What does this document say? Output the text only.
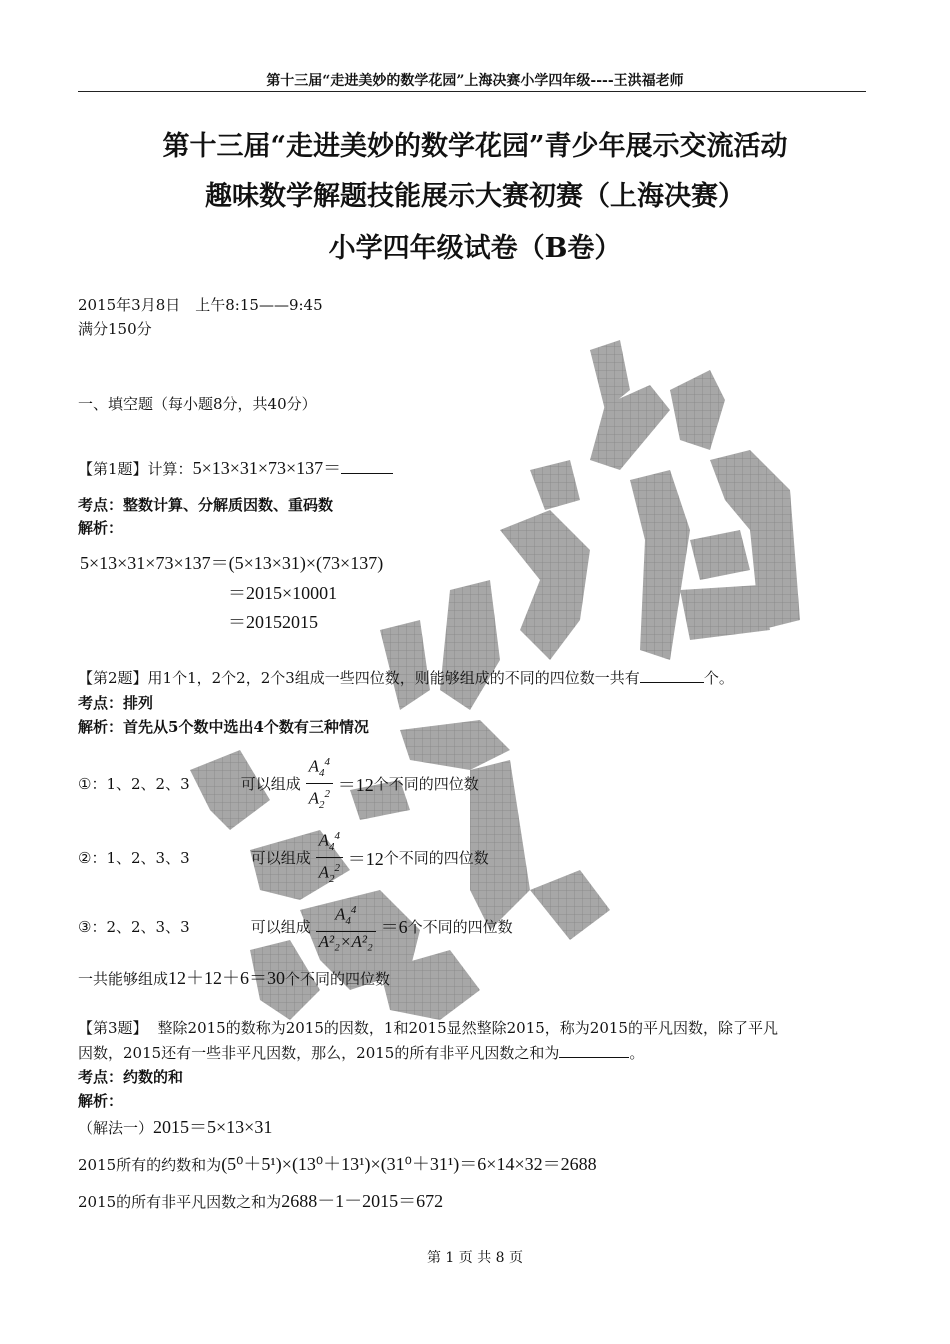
第十三届“走进美妙的数学花园”上海决赛小学四年级----王洪福老师
第十三届“走进美妙的数学花园”青少年展示交流活动
趣味数学解题技能展示大赛初赛（上海决赛）
小学四年级试卷（B卷）
2015年3月8日　上午8:15——9:45
满分150分
一、填空题（每小题8分，共40分）
【第1题】计算：5×13×31×73×137＝
考点：整数计算、分解质因数、重码数
解析：
5×13×31×73×137＝(5×13×31)×(73×137)
＝2015×10001
＝20152015
【第2题】用1个1，2个2，2个3组成一些四位数，则能够组成的不同的四位数一共有	个。
考点：排列
解析：首先从5个数中选出4个数有三种情况
①：1、2、2、3	可以组成 $\frac{A_4^4}{A_2^2} =12$个不同的四位数
②：1、2、3、3	可以组成 $\frac{A_4^4}{A_2^2} =12$个不同的四位数
③：2、2、3、3	可以组成 $\frac{A_4^4}{\text{A²₂×A²₂}} =6$个不同的四位数
一共能够组成12＋12＋6＝30个不同的四位数
【第3题】 整除2015的数称为2015的因数，1和2015显然整除2015，称为2015的平凡因数，除了平凡
因数，2015还有一些非平凡因数，那么，2015的所有非平凡因数之和为	。
考点：约数的和
解析：
（解法一）2015＝5×13×31
2015所有的约数和为(5⁰＋5¹)×(13⁰＋13¹)×(31⁰＋31¹)＝6×14×32＝2688
2015的所有非平凡因数之和为2688－1－2015＝672
第 1 页 共 8 页
